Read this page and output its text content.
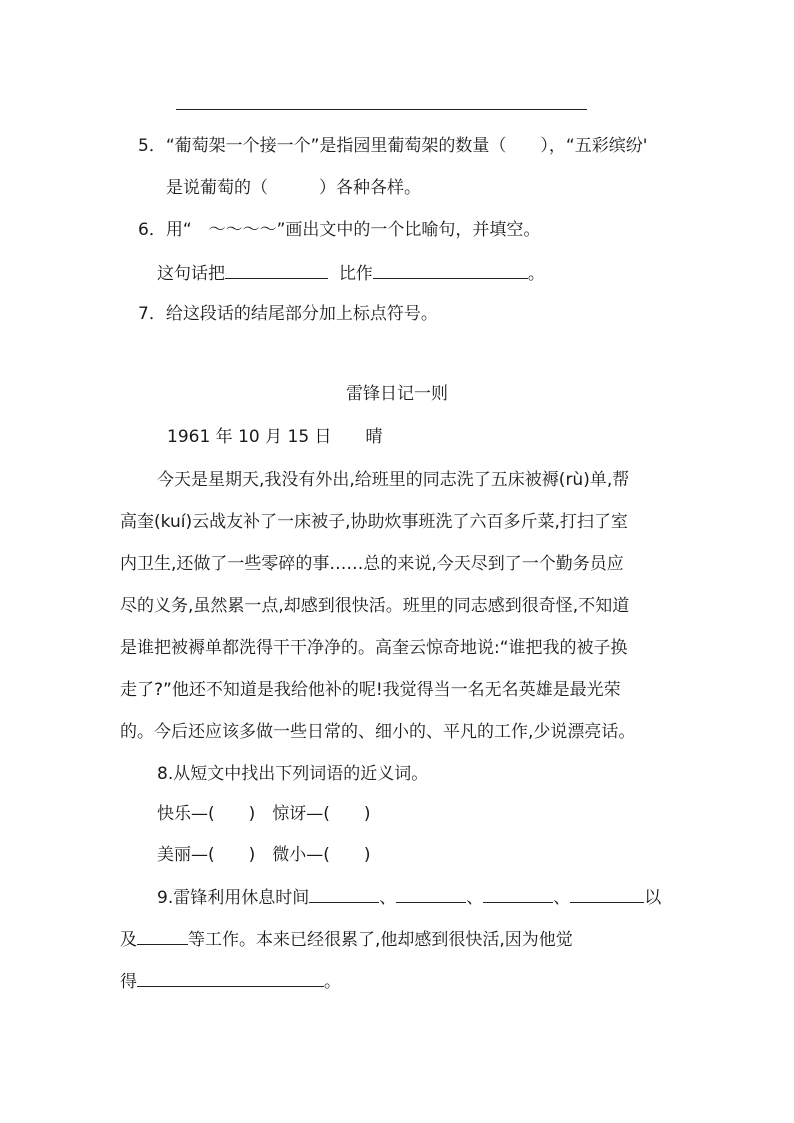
5．“葡萄架一个接一个”是指园里葡萄架的数量（　　），“五彩缤纷'
是说葡萄的（　　　）各种各样。
6．用“　～～～～”画出文中的一个比喻句，并填空。
这句话把	比作	。
7．给这段话的结尾部分加上标点符号。
雷锋日记一则
1961 年 10 月 15 日　　晴
今天是星期天,我没有外出,给班里的同志洗了五床被褥(rù)单,帮
高奎(kuí)云战友补了一床被子,协助炊事班洗了六百多斤菜,打扫了室
内卫生,还做了一些零碎的事……总的来说,今天尽到了一个勤务员应
尽的义务,虽然累一点,却感到很快活。班里的同志感到很奇怪,不知道
是谁把被褥单都洗得干干净净的。高奎云惊奇地说:“谁把我的被子换
走了?”他还不知道是我给他补的呢!我觉得当一名无名英雄是最光荣
的。今后还应该多做一些日常的、细小的、平凡的工作,少说漂亮话。
8.从短文中找出下列词语的近义词。
快乐—(　　)　惊讶—(　　)
美丽—(　　)　微小—(　　)
9.雷锋利用休息时间	、	、	、	以
及	等工作。本来已经很累了,他却感到很快活,因为他觉
得	。
